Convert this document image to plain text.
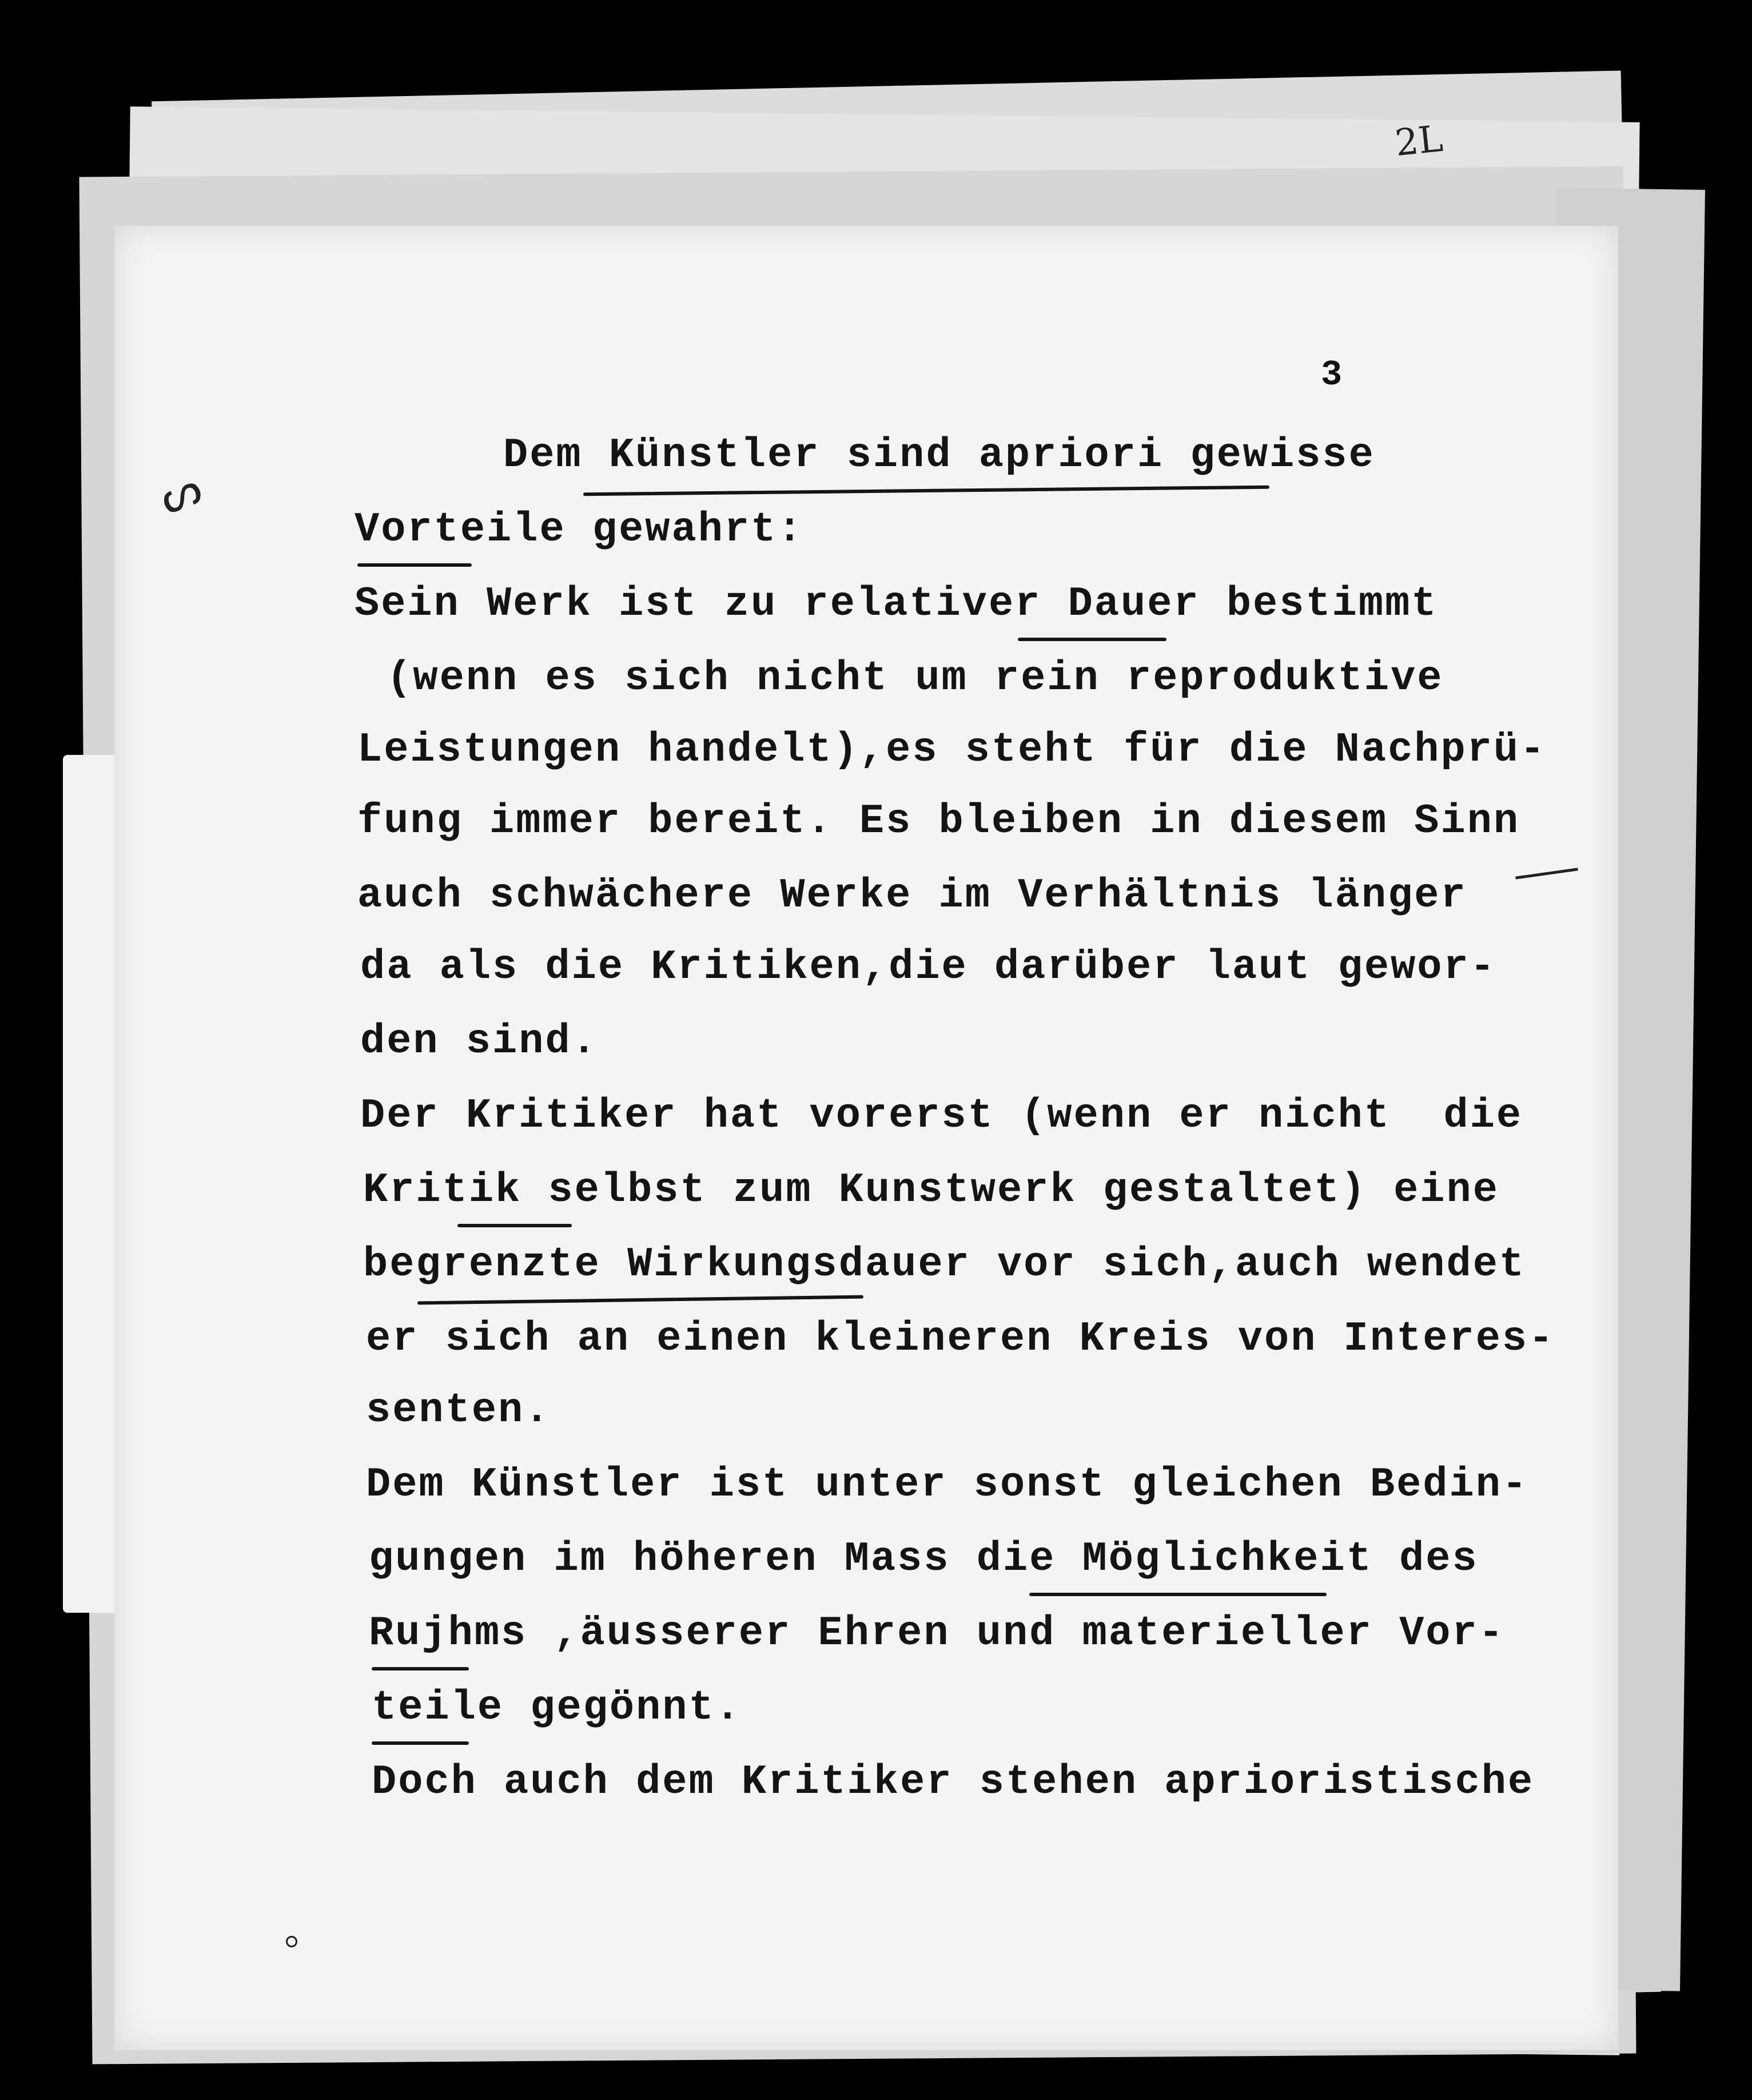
2L
3
ᔕ
Dem Künstler sind apriori gewisse
Vorteile gewahrt:
Sein Werk ist zu relativer Dauer bestimmt
(wenn es sich nicht um rein reproduktive
Leistungen handelt),es steht für die Nachprü-
fung immer bereit. Es bleiben in diesem Sinn
auch schwächere Werke im Verhältnis länger
da als die Kritiken,die darüber laut gewor-
den sind.
Der Kritiker hat vorerst (wenn er nicht  die
Kritik selbst zum Kunstwerk gestaltet) eine
begrenzte Wirkungsdauer vor sich,auch wendet
er sich an einen kleineren Kreis von Interes-
senten.
Dem Künstler ist unter sonst gleichen Bedin-
gungen im höheren Mass die Möglichkeit des
Rujhms ,äusserer Ehren und materieller Vor-
teile gegönnt.
Doch auch dem Kritiker stehen aprioristische
